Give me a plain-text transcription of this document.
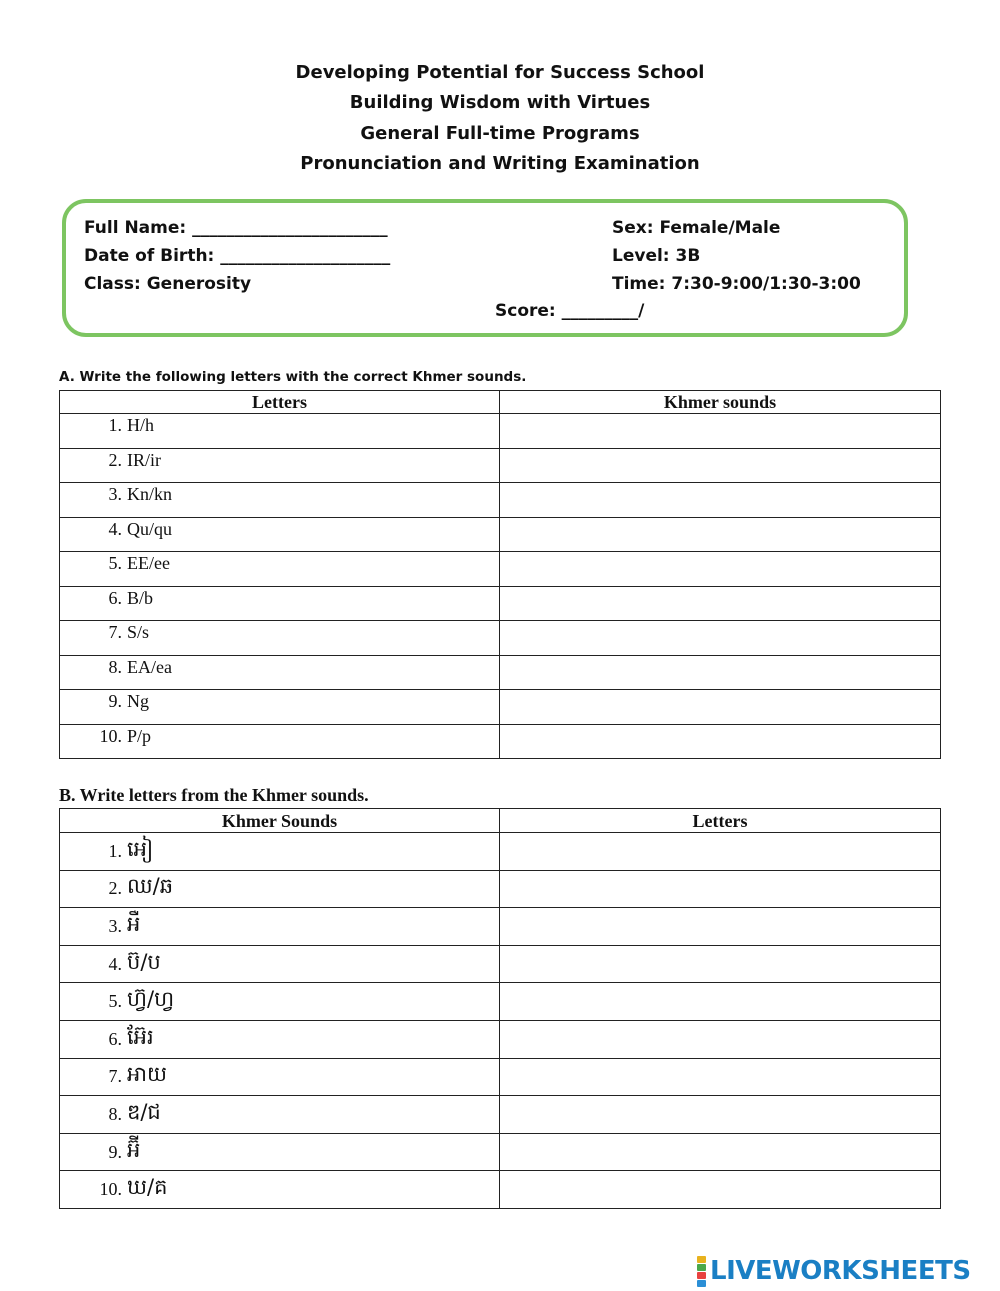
Developing Potential for Success School
Building Wisdom with Virtues
General Full-time Programs
Pronunciation and Writing Examination
Full Name: _______________________
Date of Birth: ____________________
Class: Generosity
Sex: Female/Male
Level: 3B
Time: 7:30-9:00/1:30-3:00
Score: _________/
A. Write the following letters with the correct Khmer sounds.
Letters	Khmer sounds
1. H/h	
2. IR/ir	
3. Kn/kn	
4. Qu/qu	
5. EE/ee	
6. B/b	
7. S/s	
8. EA/ea	
9. Ng	
10. P/p	
B. Write letters from the Khmer sounds.
Khmer Sounds	Letters
1. អៀ	
2. ឈ/ឆ	
3. អឺ	
4. ប៊/ប	
5. ហ្វ៊/ហ្វ	
6. អ៊ែរ	
7. អាយ	
8. ឌ/ជ	
9. អ៊ី	
10. ឃ/គ	
LIVEWORKSHEETS
